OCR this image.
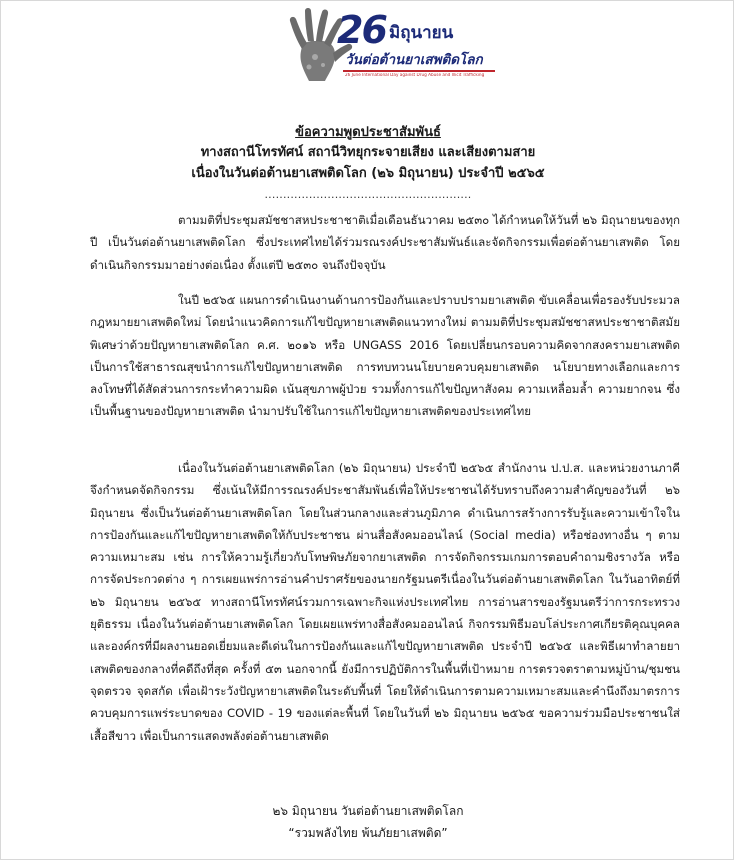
26 มิถุนายน
วันต่อต้านยาเสพติดโลก
26 June International Day against Drug Abuse and Illicit Trafficking
ข้อความพูดประชาสัมพันธ์
ทางสถานีโทรทัศน์ สถานีวิทยุกระจายเสียง และเสียงตามสาย
เนื่องในวันต่อต้านยาเสพติดโลก (๒๖ มิถุนายน) ประจำปี ๒๕๖๕
........................................................

ตามมติที่ประชุมสมัชชาสหประชาชาติเมื่อเดือนธันวาคม ๒๕๓๐ ได้กำหนดให้วันที่ ๒๖ มิถุนายนของทุกปี เป็นวันต่อต้านยาเสพติดโลก ซึ่งประเทศไทยได้ร่วมรณรงค์ประชาสัมพันธ์และจัดกิจกรรมเพื่อต่อต้านยาเสพติด โดยดำเนินกิจกรรมมาอย่างต่อเนื่อง ตั้งแต่ปี ๒๕๓๐ จนถึงปัจจุบัน

ในปี ๒๕๖๕ แผนการดำเนินงานด้านการป้องกันและปราบปรามยาเสพติด ขับเคลื่อนเพื่อรองรับประมวลกฎหมายยาเสพติดใหม่ โดยนำแนวคิดการแก้ไขปัญหายาเสพติดแนวทางใหม่ ตามมติที่ประชุมสมัชชาสหประชาชาติสมัยพิเศษว่าด้วยปัญหายาเสพติดโลก ค.ศ. ๒๐๑๖ หรือ UNGASS 2016 โดยเปลี่ยนกรอบความคิดจากสงครามยาเสพติด เป็นการใช้สาธารณสุขนำการแก้ไขปัญหายาเสพติด การทบทวนนโยบายควบคุมยาเสพติด นโยบายทางเลือกและการลงโทษที่ได้สัดส่วนการกระทำความผิด เน้นสุขภาพผู้ป่วย รวมทั้งการแก้ไขปัญหาสังคม ความเหลื่อมล้ำ ความยากจน ซึ่งเป็นพื้นฐานของปัญหายาเสพติด นำมาปรับใช้ในการแก้ไขปัญหายาเสพติดของประเทศไทย

เนื่องในวันต่อต้านยาเสพติดโลก (๒๖ มิถุนายน) ประจำปี ๒๕๖๕ สำนักงาน ป.ป.ส. และหน่วยงานภาคีจึงกำหนดจัดกิจกรรม ซึ่งเน้นให้มีการรณรงค์ประชาสัมพันธ์เพื่อให้ประชาชนได้รับทราบถึงความสำคัญของวันที่ ๒๖ มิถุนายน ซึ่งเป็นวันต่อต้านยาเสพติดโลก โดยในส่วนกลางและส่วนภูมิภาค ดำเนินการสร้างการรับรู้และความเข้าใจในการป้องกันและแก้ไขปัญหายาเสพติดให้กับประชาชน ผ่านสื่อสังคมออนไลน์ (Social media) หรือช่องทางอื่น ๆ ตามความเหมาะสม เช่น การให้ความรู้เกี่ยวกับโทษพิษภัยจากยาเสพติด การจัดกิจกรรมเกมการตอบคำถามชิงรางวัล หรือการจัดประกวดต่าง ๆ การเผยแพร่การอ่านคำปราศรัยของนายกรัฐมนตรีเนื่องในวันต่อต้านยาเสพติดโลก ในวันอาทิตย์ที่ ๒๖ มิถุนายน ๒๕๖๕ ทางสถานีโทรทัศน์รวมการเฉพาะกิจแห่งประเทศไทย การอ่านสารของรัฐมนตรีว่าการกระทรวงยุติธรรม เนื่องในวันต่อต้านยาเสพติดโลก โดยเผยแพร่ทางสื่อสังคมออนไลน์ กิจกรรมพิธีมอบโล่ประกาศเกียรติคุณบุคคลและองค์กรที่มีผลงานยอดเยี่ยมและดีเด่นในการป้องกันและแก้ไขปัญหายาเสพติด ประจำปี ๒๕๖๕ และพิธีเผาทำลายยาเสพติดของกลางที่คดีถึงที่สุด ครั้งที่ ๕๓ นอกจากนี้ ยังมีการปฏิบัติการในพื้นที่เป้าหมาย การตรวจตราตามหมู่บ้าน/ชุมชน จุดตรวจ จุดสกัด เพื่อเฝ้าระวังปัญหายาเสพติดในระดับพื้นที่ โดยให้ดำเนินการตามความเหมาะสมและคำนึงถึงมาตรการควบคุมการแพร่ระบาดของ COVID - 19 ของแต่ละพื้นที่ โดยในวันที่ ๒๖ มิถุนายน ๒๕๖๕ ขอความร่วมมือประชาชนใส่เสื้อสีขาว เพื่อเป็นการแสดงพลังต่อต้านยาเสพติด

๒๖ มิถุนายน วันต่อต้านยาเสพติดโลก
“รวมพลังไทย พ้นภัยยาเสพติด”
